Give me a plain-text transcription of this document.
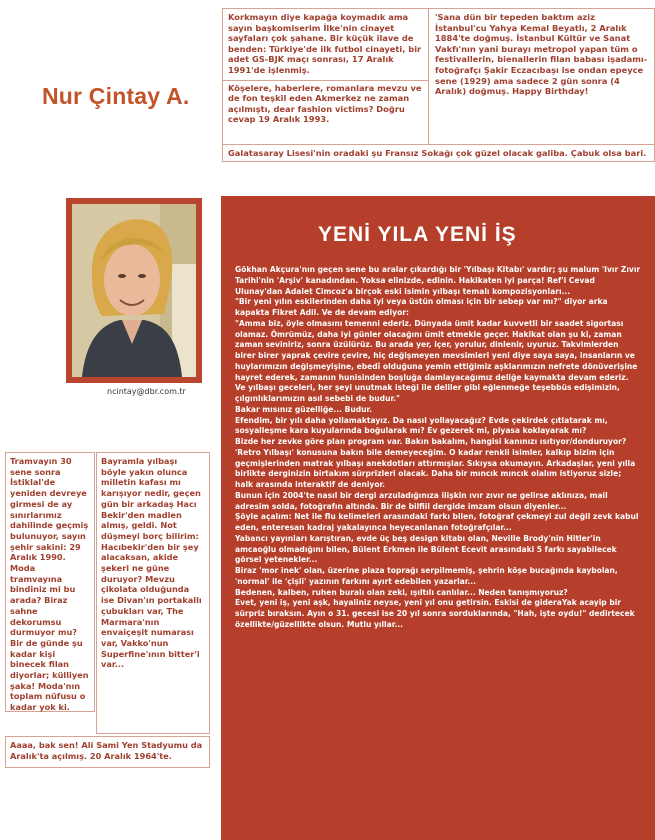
Korkmayın diye kapağa koymadık ama sayın başkomiserim İlke'nin cinayet sayfaları çok şahane. Bir küçük ilave de benden: Türkiye'de ilk futbol cinayeti, bir adet GS-BJK maçı sonrası, 17 Aralık 1991'de işlenmiş.

Köşelere, haberlere, romanlara mevzu ve de fon teşkil eden Akmerkez ne zaman açılmıştı, dear fashion victims? Doğru cevap 19 Aralık 1993.

'Sana dün bir tepeden baktım aziz İstanbul'cu Yahya Kemal Beyatlı, 2 Aralık 1884'te doğmuş. İstanbul Kültür ve Sanat Vakfı'nın yani burayı metropol yapan tüm o festivallerin, bienallerin filan babası işadamı-fotoğrafçı Şakir Eczacıbaşı ise ondan epeyce sene (1929) ama sadece 2 gün sonra (4 Aralık) doğmuş. Happy Birthday!

Galatasaray Lisesi'nin oradaki şu Fransız Sokağı çok güzel olacak galiba. Çabuk olsa bari.

Nur Çintay A.
ncintay@dbr.com.tr

Tramvayın 30 sene sonra İstiklal'de yeniden devreye girmesi de ay sınırlarımız dahilinde geçmiş bulunuyor, sayın şehir sakini: 29 Aralık 1990. Moda tramvayına bindiniz mi bu arada? Biraz sahne dekorumsu durmuyor mu? Bir de günde şu kadar kişi binecek filan diyorlar; külliyen şaka! Moda'nın toplam nüfusu o kadar yok ki.

Bayramla yılbaşı böyle yakın olunca milletin kafası mı karışıyor nedir, geçen gün bir arkadaş Hacı Bekir'den madlen almış, geldi. Not düşmeyi borç bilirim: Hacıbekir'den bir şey alacaksan, akide şekeri ne güne duruyor? Mevzu çikolata olduğunda ise Divan'ın portakallı çubukları var, The Marmara'nın envaiçeşit numarası var, Vakko'nun Superfine'ının bitter'i var...

Aaaa, bak sen! Ali Sami Yen Stadyumu da Aralık'ta açılmış. 20 Aralık 1964'te.

YENİ YILA YENİ İŞ

Gökhan Akçura'nın geçen sene bu aralar çıkardığı bir 'Yılbaşı Kitabı' vardır; şu malum 'Ivır Zıvır Tarihi'nin 'Arşiv' kanadından. Yoksa elinizde, edinin. Hakikaten iyi parça! Ref'i Cevad Ulunay'dan Adalet Cimcoz'a birçok eski isimin yılbaşı temalı kompozisyonları...

"Bir yeni yılın eskilerinden daha iyi veya üstün olması için bir sebep var mı?" diyor arka kapakta Fikret Adil. Ve de devam ediyor:

"Amma biz, öyle olmasını temenni ederiz. Dünyada ümit kadar kuvvetli bir saadet sigortası olamaz. Ömrümüz, daha iyi günler olacağını ümit etmekle geçer. Hakikat olan şu ki, zaman zaman seviniriz, sonra üzülürüz. Bu arada yer, içer, yorulur, dinlenir, uyuruz. Takvimlerden birer birer yaprak çevire çevire, hiç değişmeyen mevsimleri yeni diye saya saya, insanların ve huylarımızın değişmeyişine, ebedî olduğuna yemin ettiğimiz aşklarımızın nefrete dönüverişine hayret ederek, zamanın hunisinden boşluğa damlayacağımız deliğe kaymakta devam ederiz.

Ve yılbaşı geceleri, her şeyi unutmak isteği ile deliler gibi eğlenmeğe teşebbüs edişimizin, çılgınlıklarımızın asıl sebebi de budur."

Bakar mısınız güzelliğe... Budur.

Efendim, bir yılı daha yollamaktayız. Da nasıl yollayacağız? Evde çekirdek çıtlatarak mı, sosyalleşme kara kuyularında boğularak mı? Ev gezerek mi, piyasa koklayarak mı?

Bizde her zevke göre plan program var. Bakın bakalım, hangisi kanınızı ısıtıyor/donduruyor?

'Retro Yılbaşı' konusuna bakın bile demeyeceğim. O kadar renkli isimler, kalkıp bizim için geçmişlerinden matrak yılbaşı anekdotları attırmışlar. Sıkıysa okumayın. Arkadaşlar, yeni yılla birlikte derginizin birtakım sürprizleri olacak. Daha bir mıncık mıncık olalım istiyoruz sizle; halk arasında interaktif de deniyor.

Bunun için 2004'te nasıl bir dergi arzuladığınıza ilişkin ıvır zıvır ne gelirse aklınıza, mail adresim solda, fotoğrafın altında. Bir de bilfiil dergide imzam olsun diyenler...

Şöyle açalım: Net ile flu kelimeleri arasındaki farkı bilen, fotoğraf çekmeyi zul değil zevk kabul eden, enteresan kadraj yakalayınca heyecanlanan fotoğrafçılar...

Yabancı yayınları karıştıran, evde üç beş design kitabı olan, Neville Brody'nin Hitler'in amcaoğlu olmadığını bilen, Bülent Erkmen ile Bülent Ecevit arasındaki 5 farkı sayabilecek görsel yetenekler...

Biraz 'mor inek' olan, üzerine plaza toprağı serpilmemiş, şehrin köşe bucağında kaybolan, 'normal' ile 'çişli' yazının farkını ayırt edebilen yazarlar...

Bedenen, kalben, ruhen buralı olan zeki, ışıltılı canlılar... Neden tanışmıyoruz?

Evet, yeni iş, yeni aşk, hayaliniz neyse, yeni yıl onu getirsin. Eskisi de gideraYak acayip bir sürpriz bıraksın. Ayın o 31. gecesi ise 20 yıl sonra sorduklarında, "Hah, işte oydu!" dedirtecek özellikte/güzellikte olsun. Mutlu yıllar...
